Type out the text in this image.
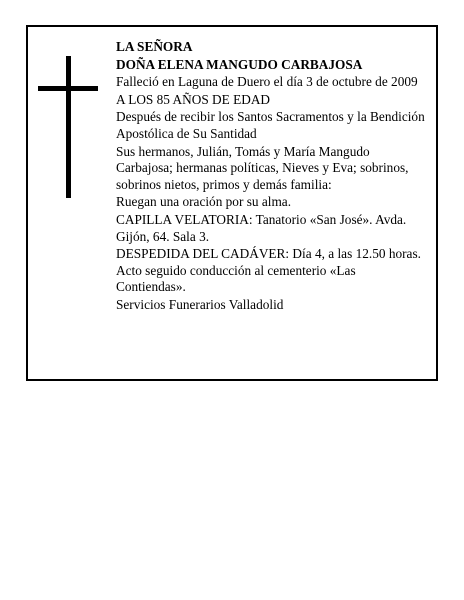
LA SEÑORA

DOÑA ELENA MANGUDO CARBAJOSA

Falleció en Laguna de Duero el día 3 de octubre de 2009

A LOS 85 AÑOS DE EDAD

Después de recibir los Santos Sacramentos y la Bendición Apostólica de Su Santidad

Sus hermanos, Julián, Tomás y María Mangudo Carbajosa; hermanas políticas, Nieves y Eva; sobrinos, sobrinos nietos, primos y demás familia:

Ruegan una oración por su alma.

CAPILLA VELATORIA: Tanatorio «San José». Avda. Gijón, 64. Sala 3.

DESPEDIDA DEL CADÁVER: Día 4, a las 12.50 horas. Acto seguido conducción al cementerio «Las Contiendas».

Servicios Funerarios Valladolid
